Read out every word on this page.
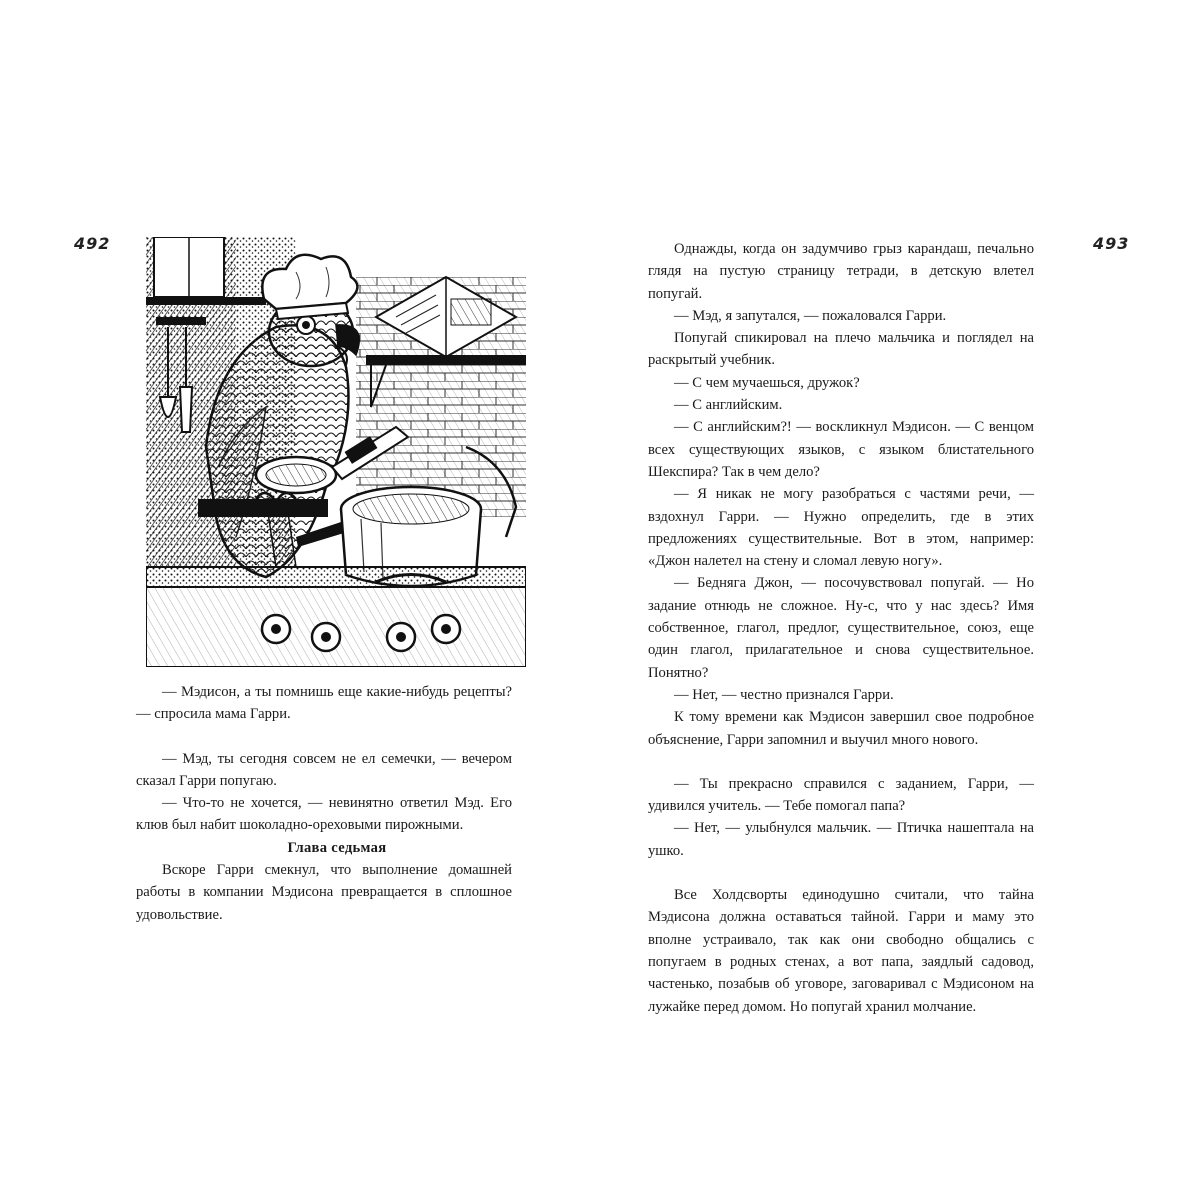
492	493

— Мэдисон, а ты помнишь еще какие-нибудь рецепты? — спросила мама Гарри.

— Мэд, ты сегодня совсем не ел семечки, — вечером сказал Гарри попугаю.

— Что-то не хочется, — невинятно ответил Мэд. Его клюв был набит шоколадно-ореховыми пирожными.

Глава седьмая

Вскоре Гарри смекнул, что выполнение домашней работы в компании Мэдисона превращается в сплошное удовольствие.

Однажды, когда он задумчиво грыз карандаш, печально глядя на пустую страницу тетради, в детскую влетел попугай.

— Мэд, я запутался, — пожаловался Гарри.

Попугай спикировал на плечо мальчика и поглядел на раскрытый учебник.

— С чем мучаешься, дружок?

— С английским.

— С английским?! — воскликнул Мэдисон. — С венцом всех существующих языков, с языком блистательного Шекспира? Так в чем дело?

— Я никак не могу разобраться с частями речи, — вздохнул Гарри. — Нужно определить, где в этих предложениях существительные. Вот в этом, например: «Джон налетел на стену и сломал левую ногу».

— Бедняга Джон, — посочувствовал попугай. — Но задание отнюдь не сложное. Ну-с, что у нас здесь? Имя собственное, глагол, предлог, существительное, союз, еще один глагол, прилагательное и снова существительное. Понятно?

— Нет, — честно признался Гарри.

К тому времени как Мэдисон завершил свое подробное объяснение, Гарри запомнил и выучил много нового.

— Ты прекрасно справился с заданием, Гарри, — удивился учитель. — Тебе помогал папа?

— Нет, — улыбнулся мальчик. — Птичка нашептала на ушко.

Все Холдсворты единодушно считали, что тайна Мэдисона должна оставаться тайной. Гарри и маму это вполне устраивало, так как они свободно общались с попугаем в родных стенах, а вот папа, заядлый садовод, частенько, позабыв об уговоре, заговаривал с Мэдисоном на лужайке перед домом. Но попугай хранил молчание.
